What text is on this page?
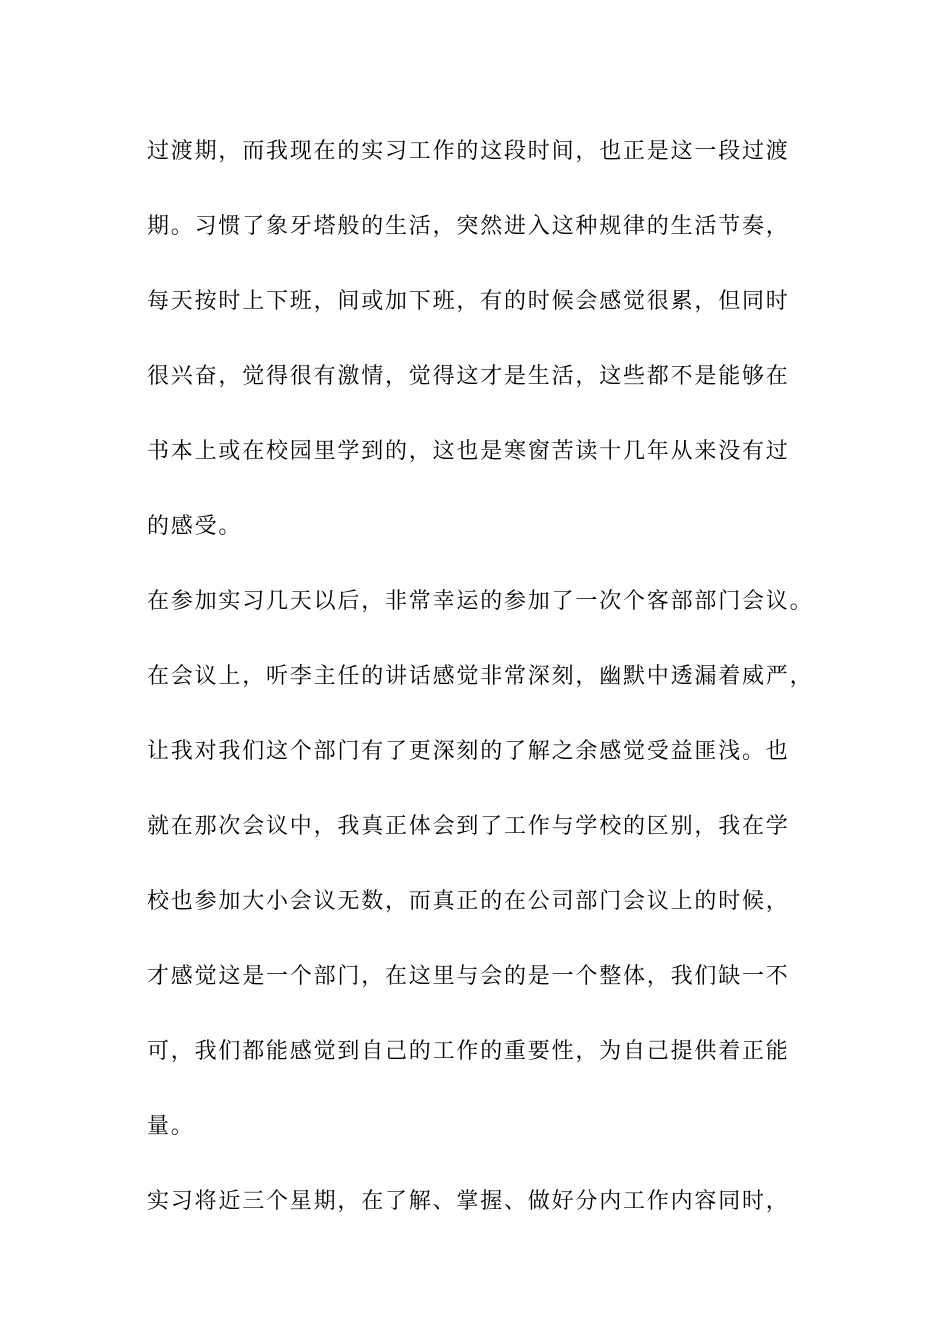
过渡期，而我现在的实习工作的这段时间，也正是这一段过渡
期。习惯了象牙塔般的生活，突然进入这种规律的生活节奏，
每天按时上下班，间或加下班，有的时候会感觉很累，但同时
很兴奋，觉得很有激情，觉得这才是生活，这些都不是能够在
书本上或在校园里学到的，这也是寒窗苦读十几年从来没有过
的感受。
在参加实习几天以后，非常幸运的参加了一次个客部部门会议。
在会议上，听李主任的讲话感觉非常深刻，幽默中透漏着威严，
让我对我们这个部门有了更深刻的了解之余感觉受益匪浅。也
就在那次会议中，我真正体会到了工作与学校的区别，我在学
校也参加大小会议无数，而真正的在公司部门会议上的时候，
才感觉这是一个部门，在这里与会的是一个整体，我们缺一不
可，我们都能感觉到自己的工作的重要性，为自己提供着正能
量。
实习将近三个星期，在了解、掌握、做好分内工作内容同时，
